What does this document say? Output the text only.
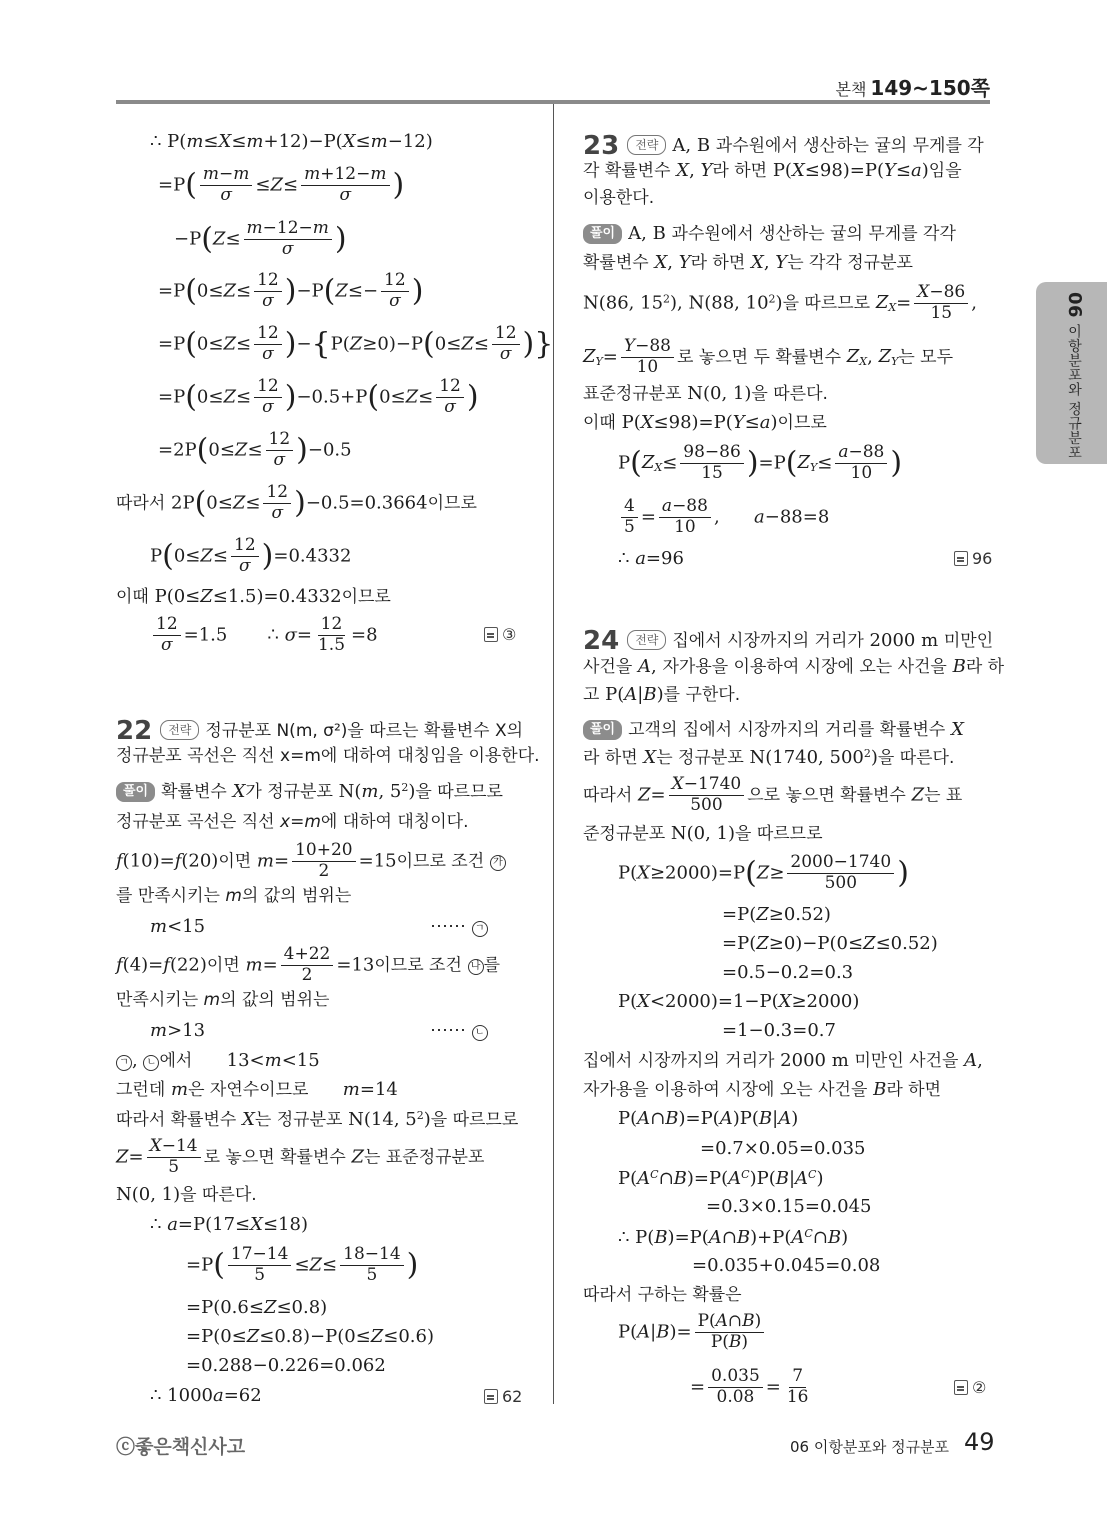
본책 149~150쪽
06이항분포와 정규분포
∴ P(m≤X≤m+12)−P(X≤m−12)
$=P( \frac{m-m}{\sigma} \le Z\le \frac{m+12-m}{\sigma}$ )
$-P(Z\le \frac{m-12-m}{\sigma}$ )
$=P(0\le Z\le \frac{12}{\sigma} )-P(Z\le- \frac{12}{\sigma}$ )
$=P(0\le Z\le \frac{12}{\sigma} )-\{P(Z\ge 0)-P(0\le Z\le \frac{12}{\sigma}$ )}
$=P(0\le Z\le \frac{12}{\sigma} )-0.5+P(0\le Z\le \frac{12}{\sigma}$ )
$=2P(0\le Z\le \frac{12}{\sigma} )-0.5$
따라서 $2P(0\le Z\le \frac{12}{\sigma} )-0.5=0.3664$이므로
$P(0\le Z\le \frac{12}{\sigma} )=0.4332$
이때 P(0≤Z≤1.5)=0.4332이므로
$\frac{12}{\sigma} =1.5$       ∴ $\sigma= \frac{12}{1.5} =8$	③
22 전략 정규분포 N(m, σ²)을 따르는 확률변수 X의
정규분포 곡선은 직선 x=m에 대하여 대칭임을 이용한다.
풀이 확률변수 X가 정규분포 N(m, $5^2$)을 따르므로
정규분포 곡선은 직선 x=m에 대하여 대칭이다.
f(10)=f(20)이면 $m= \frac{10+20}{2} =15$이므로 조건 가
를 만족시키는 m의 값의 범위는
m<15	⋯⋯ ㄱ
f(4)=f(22)이면 $m= \frac{4+22}{2} =13$이므로 조건 나 를
만족시키는 m의 값의 범위는
m>13	⋯⋯ ㄴ
ㄱ , ㄴ 에서      13<m<15
그런데 m은 자연수이므로 m=14
따라서 확률변수 X는 정규분포 N(14, $5^2$)을 따르므로
$Z= \frac{X-14}{5}$ 로 놓으면 확률변수 Z는 표준정규분포
N(0, 1)을 따른다.
∴ a=P(17≤X≤18)
$=P( \frac{17-14}{5} \le Z\le \frac{18-14}{5}$ )
=P(0.6≤Z≤0.8)
=P(0≤Z≤0.8)−P(0≤Z≤0.6)
=0.288−0.226=0.062
∴ 1000a=62	62
23 전략 A, B 과수원에서 생산하는 귤의 무게를 각
각 확률변수 X, Y라 하면 P(X≤98)=P(Y≤a)임을
이용한다.
풀이 A, B 과수원에서 생산하는 귤의 무게를 각각
확률변수 X, Y라 하면 X, Y는 각각 정규분포
N(86, $15^2$), N(88, $10^2$)을 따르므로 $Z_X= \frac{X-86}{15}$ ,
$Z_Y= \frac{Y-88}{10}$ 로 놓으면 두 확률변수 $Z_X$, $Z_Y$는 모두
표준정규분포 N(0, 1)을 따른다.
이때 P(X≤98)=P(Y≤a)이므로
$P(Z_X\le \frac{98-86}{15} )=P(Z_Y\le \frac{a-88}{10}$ )
$\frac{4}{5} = \frac{a-88}{10}$ ,      a−88=8
∴ a=96	96
24 전략 집에서 시장까지의 거리가 2000 m 미만인
사건을 A, 자가용을 이용하여 시장에 오는 사건을 B라 하
고 P(A|B)를 구한다.
풀이 고객의 집에서 시장까지의 거리를 확률변수 X
라 하면 X는 정규분포 N(1740, $500^2$)을 따른다.
따라서 $Z= \frac{X-1740}{500}$ 으로 놓으면 확률변수 Z는 표
준정규분포 N(0, 1)을 따르므로
$P(X\ge 2000)=P(Z\ge \frac{2000-1740}{500}$ )
=P(Z≥0.52)
=P(Z≥0)−P(0≤Z≤0.52)
=0.5−0.2=0.3
P(X<2000)=1−P(X≥2000)
=1−0.3=0.7
집에서 시장까지의 거리가 2000 m 미만인 사건을 A,
자가용을 이용하여 시장에 오는 사건을 B라 하면
P(A∩B)=P(A)P(B|A)
=0.7×0.05=0.035
$P(A^C\cap B)=P(A^C)P(B|A^C)$
=0.3×0.15=0.045
∴ $P(B)=P(A\cap B)+P(A^C\cap B)$
=0.035+0.045=0.08
따라서 구하는 확률은
$P(A|B)= \frac{P(A\cap B)}{P(B)}$
= $\frac{0.035}{0.08} = \frac{7}{16}$	②
ⓒ좋은책신사고	06 이항분포와 정규분포 49
